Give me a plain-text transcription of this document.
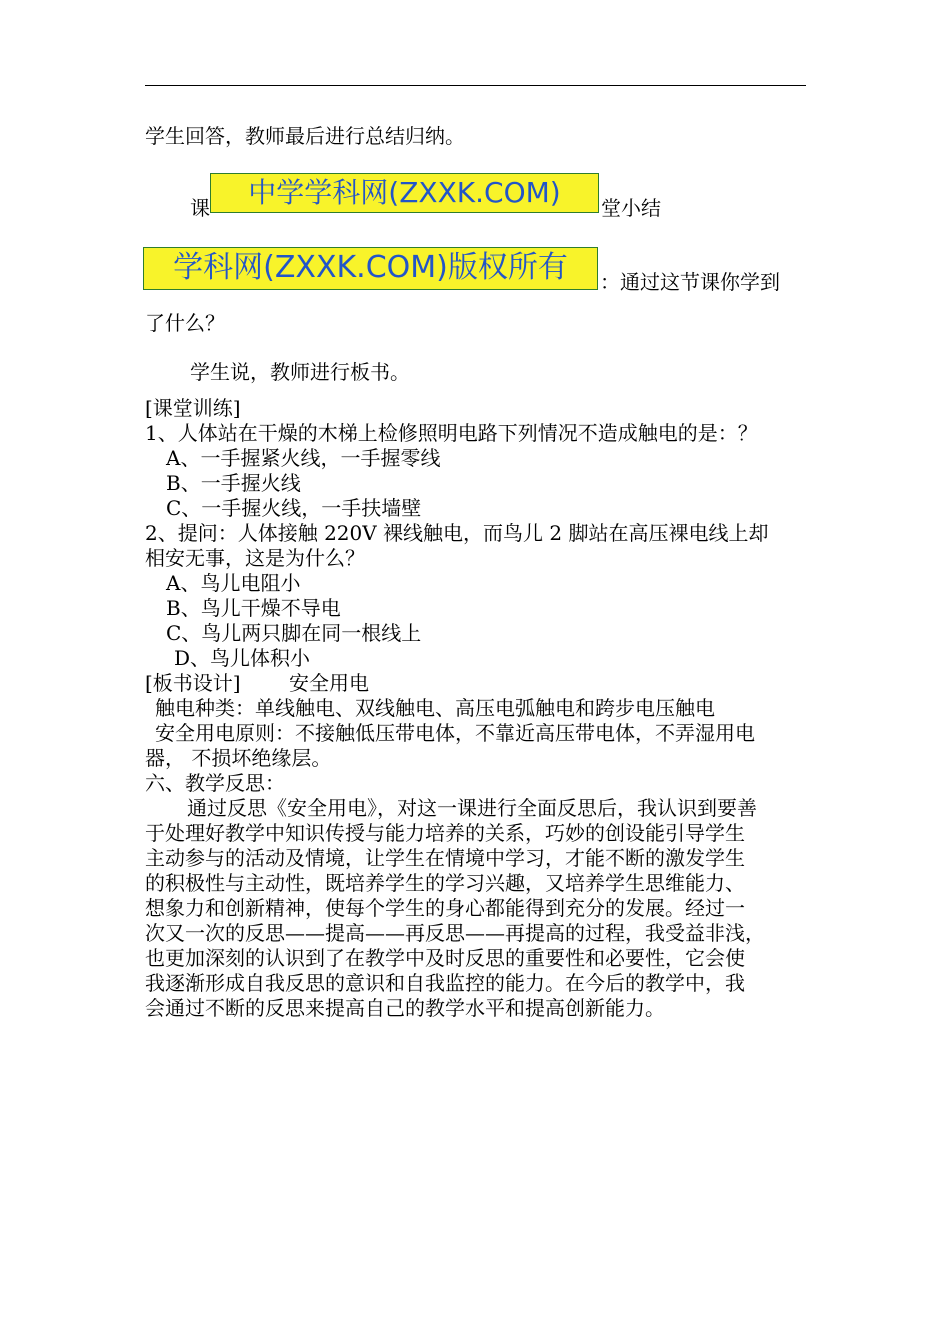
学生回答，教师最后进行总结归纳。
课	中学学科网(ZXXK.COM)	堂小结
学科网(ZXXK.COM)版权所有	：通过这节课你学到
了什么？
学生说，教师进行板书。
[课堂训练]
1、人体站在干燥的木梯上检修照明电路下列情况不造成触电的是：？
A、一手握紧火线，一手握零线
B、一手握火线
C、一手握火线，一手扶墙壁
2、提问：人体接触 220V 裸线触电，而鸟儿 2 脚站在高压裸电线上却
相安无事，这是为什么？
A、鸟儿电阻小
B、鸟儿干燥不导电
C、鸟儿两只脚在同一根线上
D、鸟儿体积小
[板书设计] 安全用电
触电种类：单线触电、双线触电、高压电弧触电和跨步电压触电
安全用电原则：不接触低压带电体，不靠近高压带电体，不弄湿用电
器， 不损坏绝缘层。
六、教学反思：
通过反思《安全用电》，对这一课进行全面反思后，我认识到要善
于处理好教学中知识传授与能力培养的关系，巧妙的创设能引导学生
主动参与的活动及情境，让学生在情境中学习，才能不断的激发学生
的积极性与主动性，既培养学生的学习兴趣，又培养学生思维能力、
想象力和创新精神，使每个学生的身心都能得到充分的发展。经过一
次又一次的反思——提高——再反思——再提高的过程，我受益非浅，
也更加深刻的认识到了在教学中及时反思的重要性和必要性，它会使
我逐渐形成自我反思的意识和自我监控的能力。在今后的教学中，我
会通过不断的反思来提高自己的教学水平和提高创新能力。
